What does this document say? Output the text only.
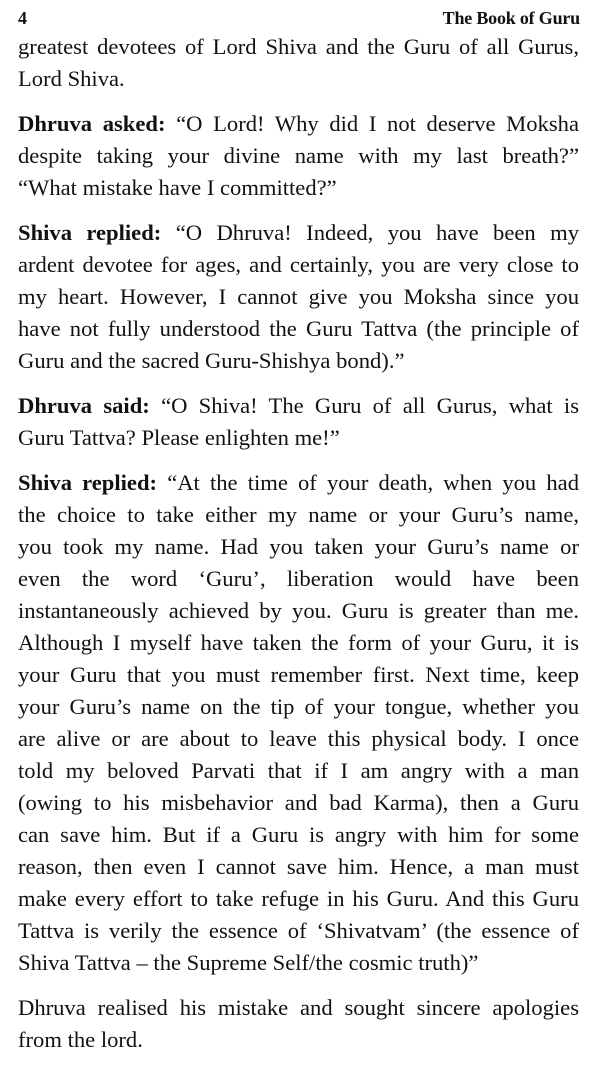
4	The Book of Guru
greatest devotees of Lord Shiva and the Guru of all Gurus,
Lord Shiva.
Dhruva asked: “O Lord! Why did I not deserve Moksha
despite taking your divine name with my last breath?”
“What mistake have I committed?”
Shiva replied: “O Dhruva! Indeed, you have been my
ardent devotee for ages, and certainly, you are very close to
my heart. However, I cannot give you Moksha since you
have not fully understood the Guru Tattva (the principle of
Guru and the sacred Guru-Shishya bond).”
Dhruva said: “O Shiva! The Guru of all Gurus, what is
Guru Tattva? Please enlighten me!”
Shiva replied: “At the time of your death, when you had
the choice to take either my name or your Guru’s name,
you took my name. Had you taken your Guru’s name or
even the word ‘Guru’, liberation would have been
instantaneously achieved by you. Guru is greater than me.
Although I myself have taken the form of your Guru, it is
your Guru that you must remember first. Next time, keep
your Guru’s name on the tip of your tongue, whether you
are alive or are about to leave this physical body. I once
told my beloved Parvati that if I am angry with a man
(owing to his misbehavior and bad Karma), then a Guru
can save him. But if a Guru is angry with him for some
reason, then even I cannot save him. Hence, a man must
make every effort to take refuge in his Guru. And this Guru
Tattva is verily the essence of ‘Shivatvam’ (the essence of
Shiva Tattva – the Supreme Self/the cosmic truth)”
Dhruva realised his mistake and sought sincere apologies
from the lord.
